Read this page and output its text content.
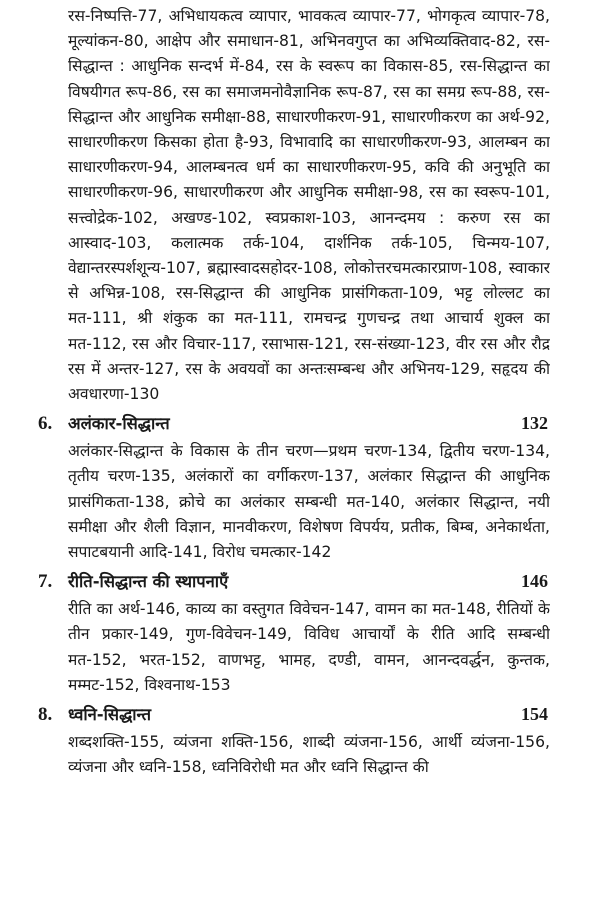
रस-निष्पत्ति-77, अभिधायकत्व व्यापार, भावकत्व व्यापार-77, भोगकृत्व व्यापार-78, मूल्यांकन-80, आक्षेप और समाधान-81, अभिनवगुप्त का अभिव्यक्तिवाद-82, रस-सिद्धान्त : आधुनिक सन्दर्भ में-84, रस के स्वरूप का विकास-85, रस-सिद्धान्त का विषयीगत रूप-86, रस का समाजमनोवैज्ञानिक रूप-87, रस का समग्र रूप-88, रस-सिद्धान्त और आधुनिक समीक्षा-88, साधारणीकरण-91, साधारणीकरण का अर्थ-92, साधारणीकरण किसका होता है-93, विभावादि का साधारणीकरण-93, आलम्बन का साधारणीकरण-94, आलम्बनत्व धर्म का साधारणीकरण-95, कवि की अनुभूति का साधारणीकरण-96, साधारणीकरण और आधुनिक समीक्षा-98, रस का स्वरूप-101, सत्त्वोद्रेक-102, अखण्ड-102, स्वप्रकाश-103, आनन्दमय : करुण रस का आस्वाद-103, कलात्मक तर्क-104, दार्शनिक तर्क-105, चिन्मय-107, वेद्यान्तरस्पर्शशून्य-107, ब्रह्मास्वादसहोदर-108, लोकोत्तरचमत्कारप्राण-108, स्वाकार से अभिन्न-108, रस-सिद्धान्त की आधुनिक प्रासंगिकता-109, भट्ट लोल्लट का मत-111, श्री शंकुक का मत-111, रामचन्द्र गुणचन्द्र तथा आचार्य शुक्ल का मत-112, रस और विचार-117, रसाभास-121, रस-संख्या-123, वीर रस और रौद्र रस में अन्तर-127, रस के अवयवों का अन्तःसम्बन्ध और अभिनय-129, सहृदय की अवधारणा-130

6. अलंकार-सिद्धान्त	132

अलंकार-सिद्धान्त के विकास के तीन चरण—प्रथम चरण-134, द्वितीय चरण-134, तृतीय चरण-135, अलंकारों का वर्गीकरण-137, अलंकार सिद्धान्त की आधुनिक प्रासंगिकता-138, क्रोचे का अलंकार सम्बन्धी मत-140, अलंकार सिद्धान्त, नयी समीक्षा और शैली विज्ञान, मानवीकरण, विशेषण विपर्यय, प्रतीक, बिम्ब, अनेकार्थता, सपाटबयानी आदि-141, विरोध चमत्कार-142

7. रीति-सिद्धान्त की स्थापनाएँ	146

रीति का अर्थ-146, काव्य का वस्तुगत विवेचन-147, वामन का मत-148, रीतियों के तीन प्रकार-149, गुण-विवेचन-149, विविध आचार्यों के रीति आदि सम्बन्धी मत-152, भरत-152, वाणभट्ट, भामह, दण्डी, वामन, आनन्दवर्द्धन, कुन्तक, मम्मट-152, विश्वनाथ-153

8. ध्वनि-सिद्धान्त	154

शब्दशक्ति-155, व्यंजना शक्ति-156, शाब्दी व्यंजना-156, आर्थी व्यंजना-156, व्यंजना और ध्वनि-158, ध्वनिविरोधी मत और ध्वनि सिद्धान्त की
